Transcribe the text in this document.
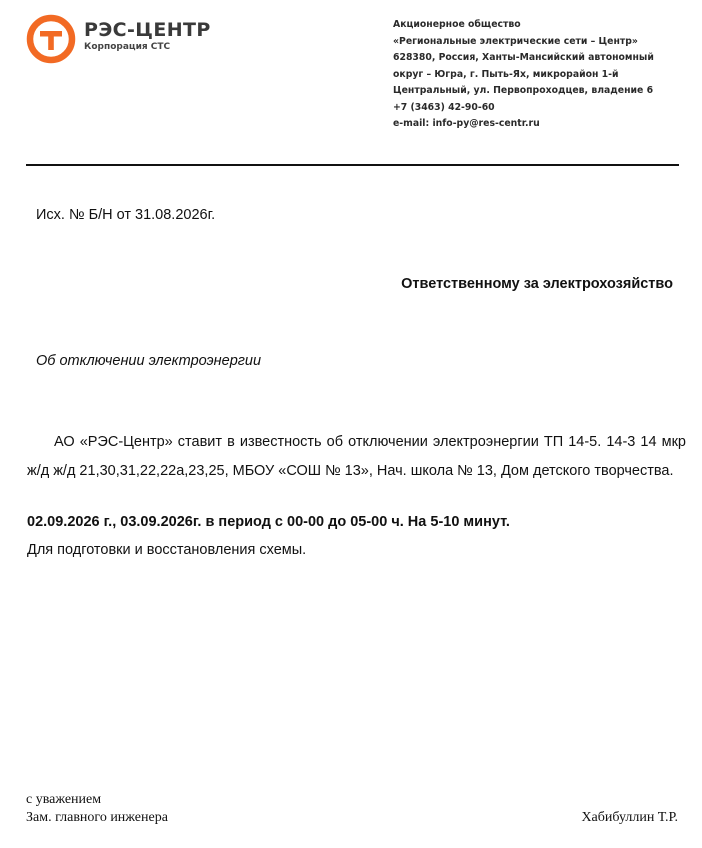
РЭС-ЦЕНТР
Корпорация СТС
Акционерное общество
«Региональные электрические сети – Центр»
628380, Россия, Ханты-Мансийский автономный
округ – Югра, г. Пыть-Ях, микрорайон 1-й
Центральный, ул. Первопроходцев, владение 6
+7 (3463) 42-90-60
e-mail: info-py@res-centr.ru
Исх. № Б/Н от 31.08.2026г.
Ответственному за электрохозяйство
Об отключении электроэнергии
АО «РЭС-Центр» ставит в известность об отключении электроэнергии ТП 14-5. 14-3 14 мкр ж/д ж/д 21,30,31,22,22а,23,25, МБОУ «СОШ № 13», Нач. школа № 13, Дом детского творчества.
02.09.2026 г., 03.09.2026г. в период с 00-00 до 05-00 ч. На 5-10 минут.
Для подготовки и восстановления схемы.
с уважением
Зам. главного инженера	Хабибуллин Т.Р.
